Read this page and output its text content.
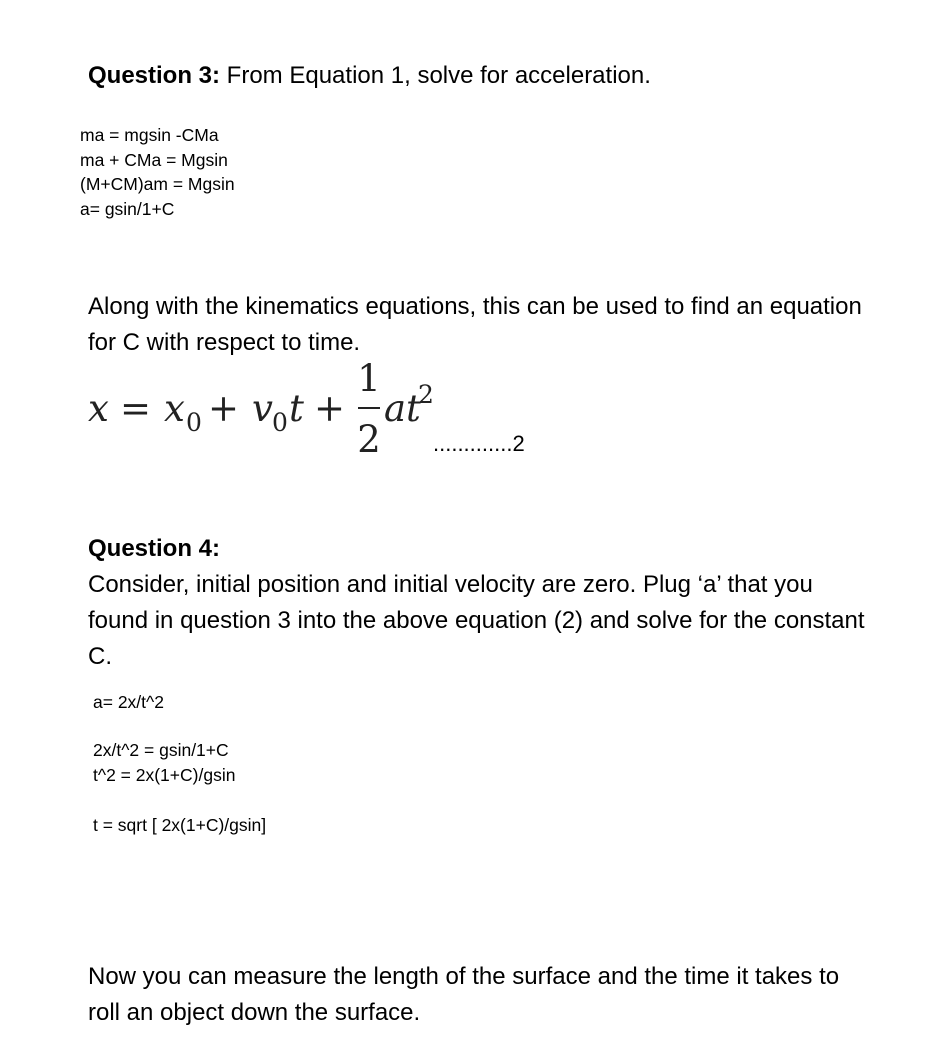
Question 3: From Equation 1, solve for acceleration.

ma = mgsin -CMa
ma + CMa = Mgsin
(M+CM)am = Mgsin
a= gsin/1+C

Along with the kinematics equations, this can be used to find an equation for C with respect to time.

x = x 0 + v 0 t +
1
2
a t
2
.............2
Question 4:
Consider, initial position and initial velocity are zero. Plug ‘a’ that you found in question 3 into the above equation (2) and solve for the constant C.
a= 2x/t^2
2x/t^2 = gsin/1+C
t^2 = 2x(1+C)/gsin
t = sqrt [ 2x(1+C)/gsin]

Now you can measure the length of the surface and the time it takes to roll an object down the surface.
